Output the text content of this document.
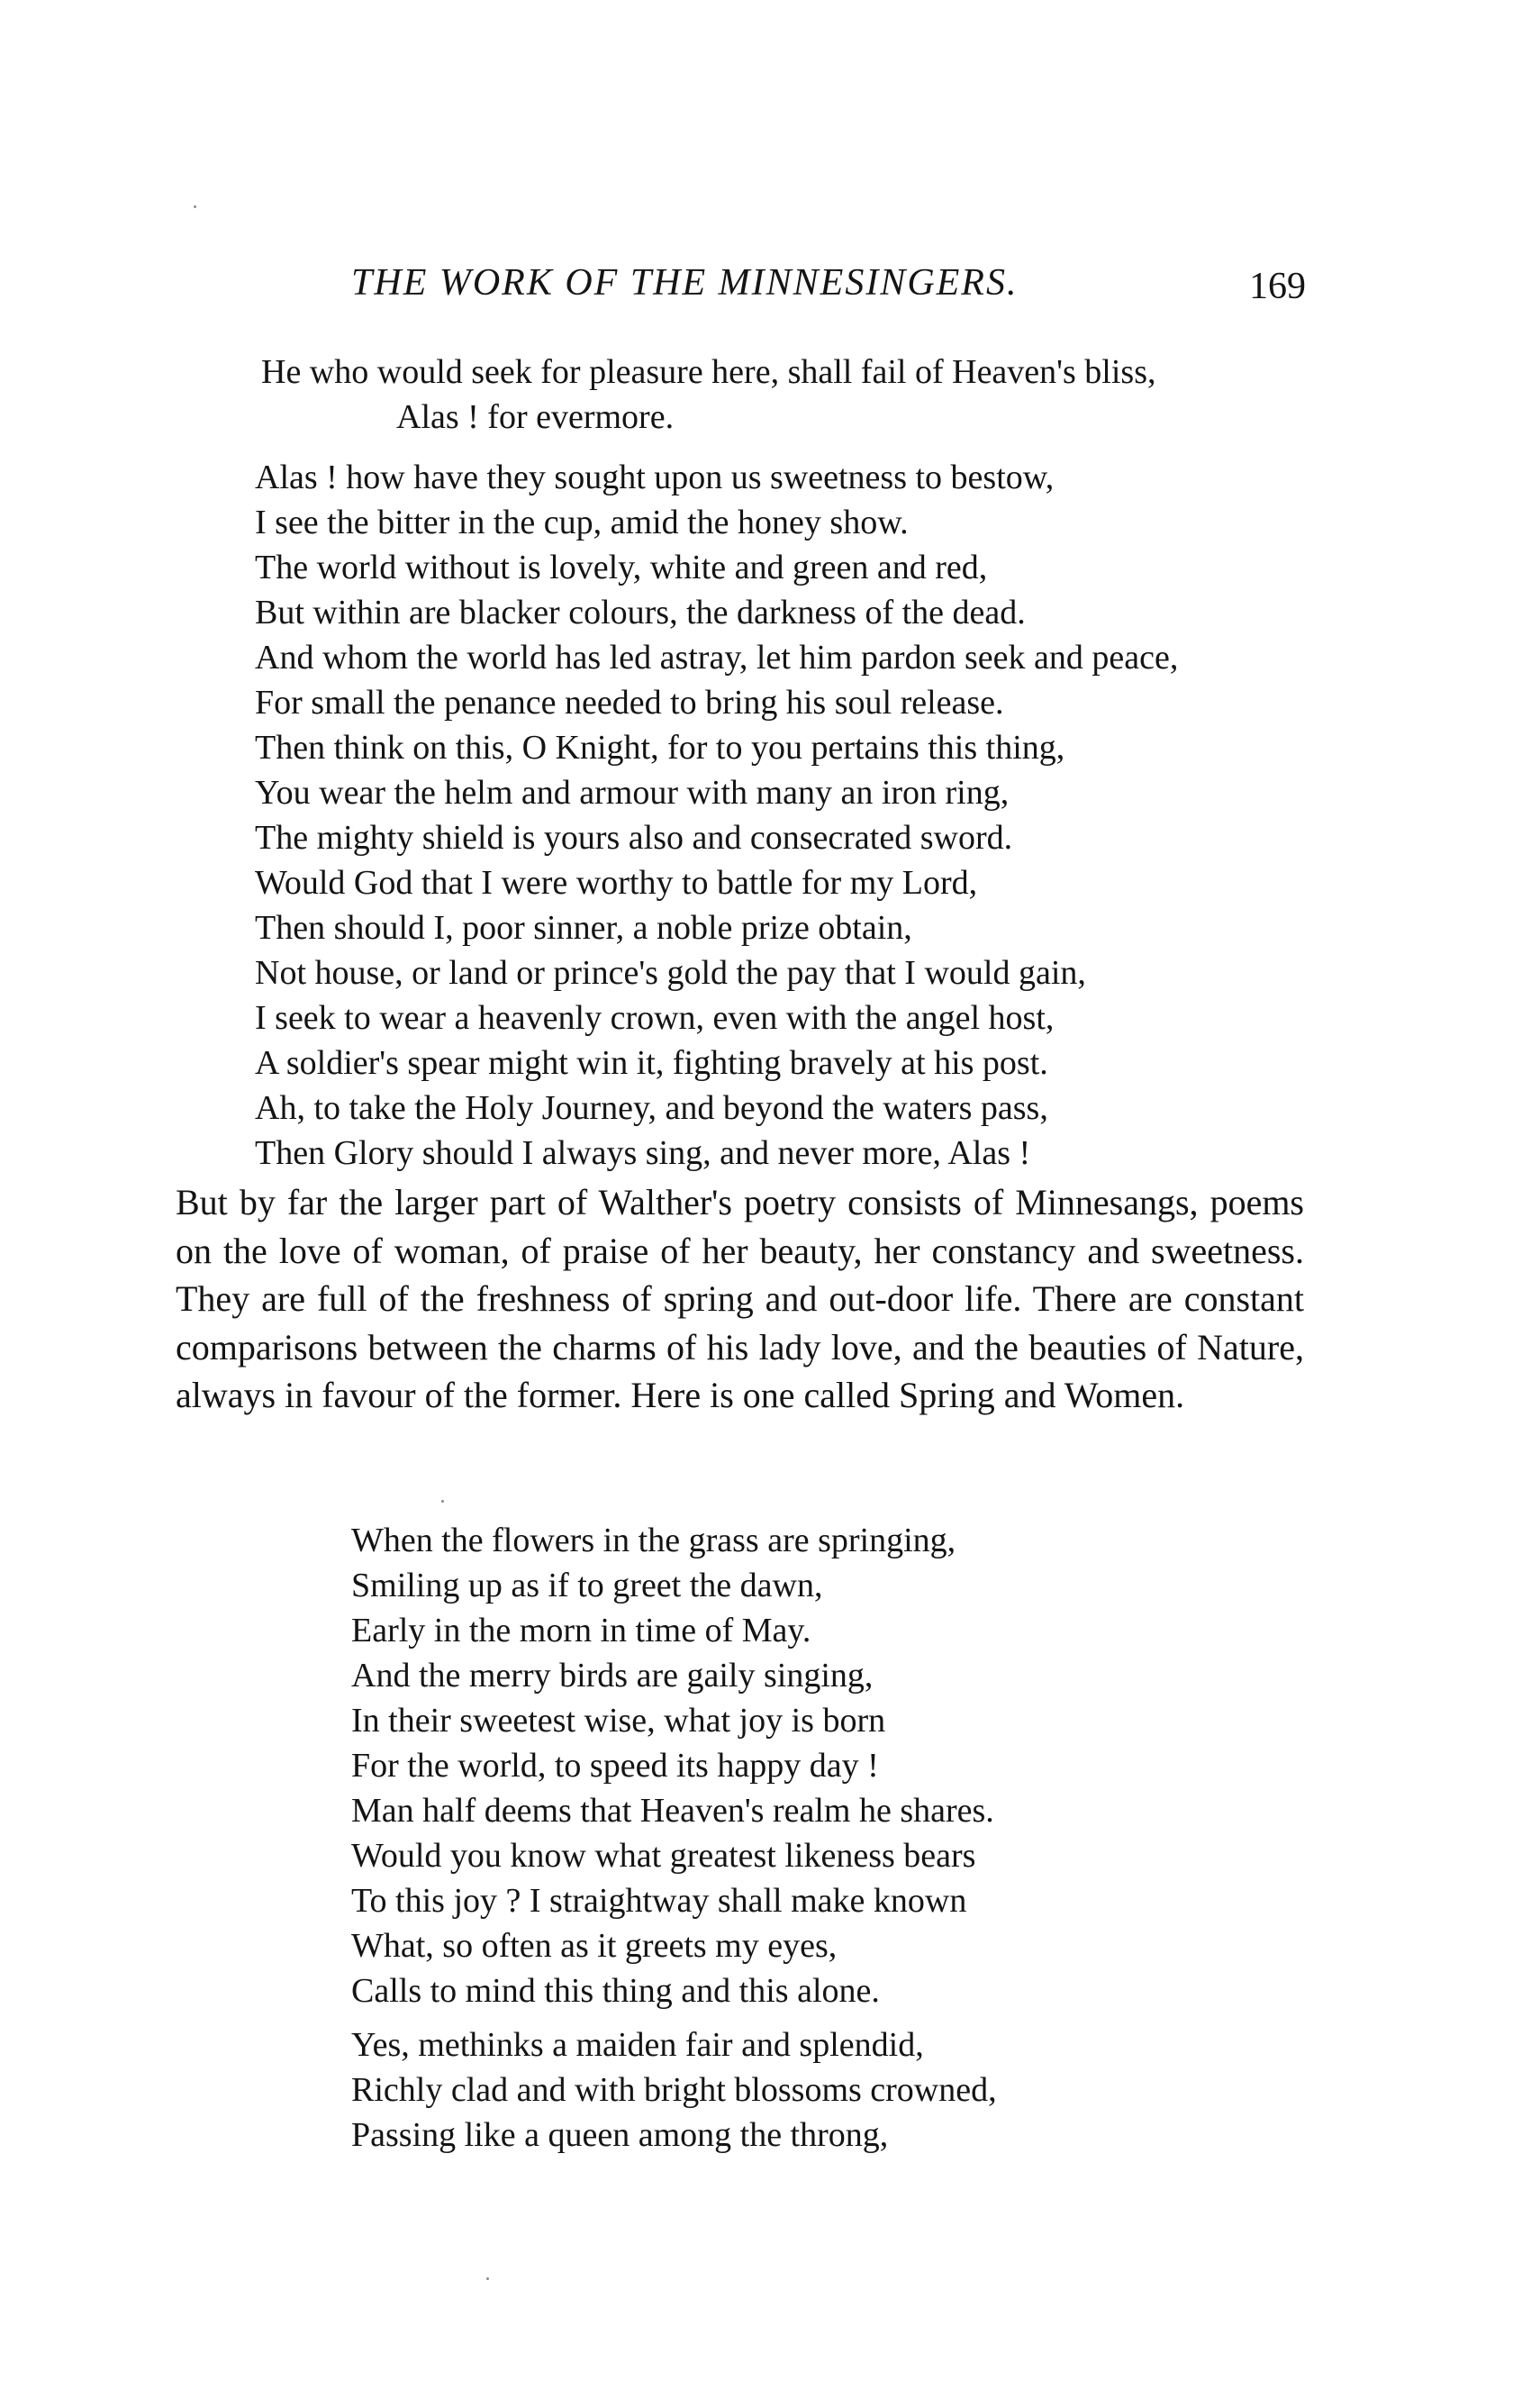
THE WORK OF THE MINNESINGERS.	169
He who would seek for pleasure here, shall fail of Heaven's bliss,
Alas ! for evermore.
Alas ! how have they sought upon us sweetness to bestow,
I see the bitter in the cup, amid the honey show.
The world without is lovely, white and green and red,
But within are blacker colours, the darkness of the dead.
And whom the world has led astray, let him pardon seek and peace,
For small the penance needed to bring his soul release.
Then think on this, O Knight, for to you pertains this thing,
You wear the helm and armour with many an iron ring,
The mighty shield is yours also and consecrated sword.
Would God that I were worthy to battle for my Lord,
Then should I, poor sinner, a noble prize obtain,
Not house, or land or prince's gold the pay that I would gain,
I seek to wear a heavenly crown, even with the angel host,
A soldier's spear might win it, fighting bravely at his post.
Ah, to take the Holy Journey, and beyond the waters pass,
Then Glory should I always sing, and never more, Alas !

But by far the larger part of Walther's poetry consists of Minnesangs, poems on the love of woman, of praise of her beauty, her constancy and sweetness. They are full of the freshness of spring and out-door life. There are constant comparisons between the charms of his lady love, and the beauties of Nature, always in favour of the former. Here is one called Spring and Women.

When the flowers in the grass are springing,
Smiling up as if to greet the dawn,
Early in the morn in time of May.
And the merry birds are gaily singing,
In their sweetest wise, what joy is born
For the world, to speed its happy day !
Man half deems that Heaven's realm he shares.
Would you know what greatest likeness bears
To this joy ? I straightway shall make known
What, so often as it greets my eyes,
Calls to mind this thing and this alone.
Yes, methinks a maiden fair and splendid,
Richly clad and with bright blossoms crowned,
Passing like a queen among the throng,
